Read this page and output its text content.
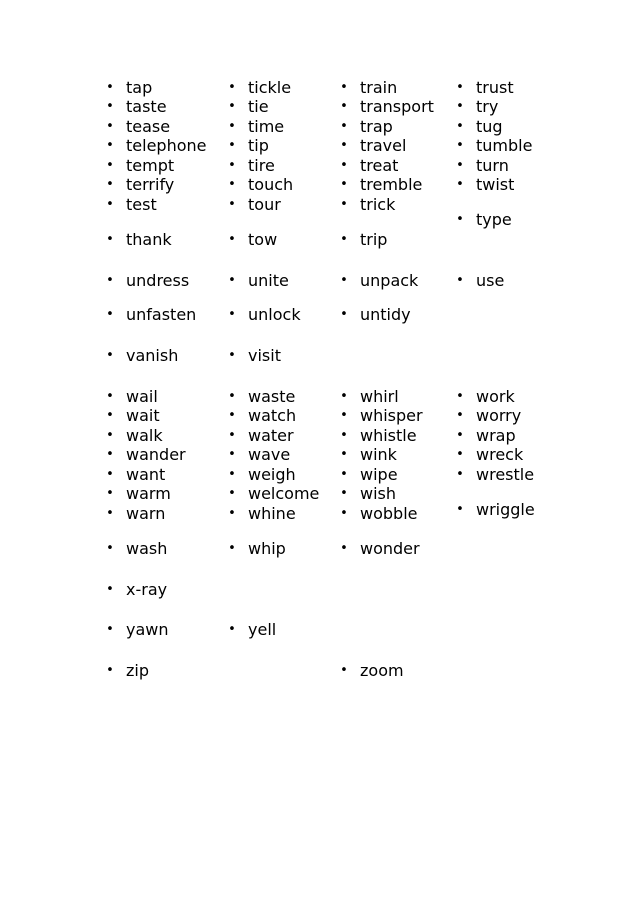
• tap
• taste
• tease
• telephone
• tempt
• terrify
• test
• thank
• undress
• unfasten
• vanish
• wail
• wait
• walk
• wander
• want
• warm
• warn
• wash
• x-ray
• yawn
• zip
• tickle
• tie
• time
• tip
• tire
• touch
• tour
• tow
• unite
• unlock
• visit
• waste
• watch
• water
• wave
• weigh
• welcome
• whine
• whip
• yell
• train
• transport
• trap
• travel
• treat
• tremble
• trick
• trip
• unpack
• untidy
• whirl
• whisper
• whistle
• wink
• wipe
• wish
• wobble
• wonder
• zoom
• trust
• try
• tug
• tumble
• turn
• twist
• type
• use
• work
• worry
• wrap
• wreck
• wrestle
• wriggle
